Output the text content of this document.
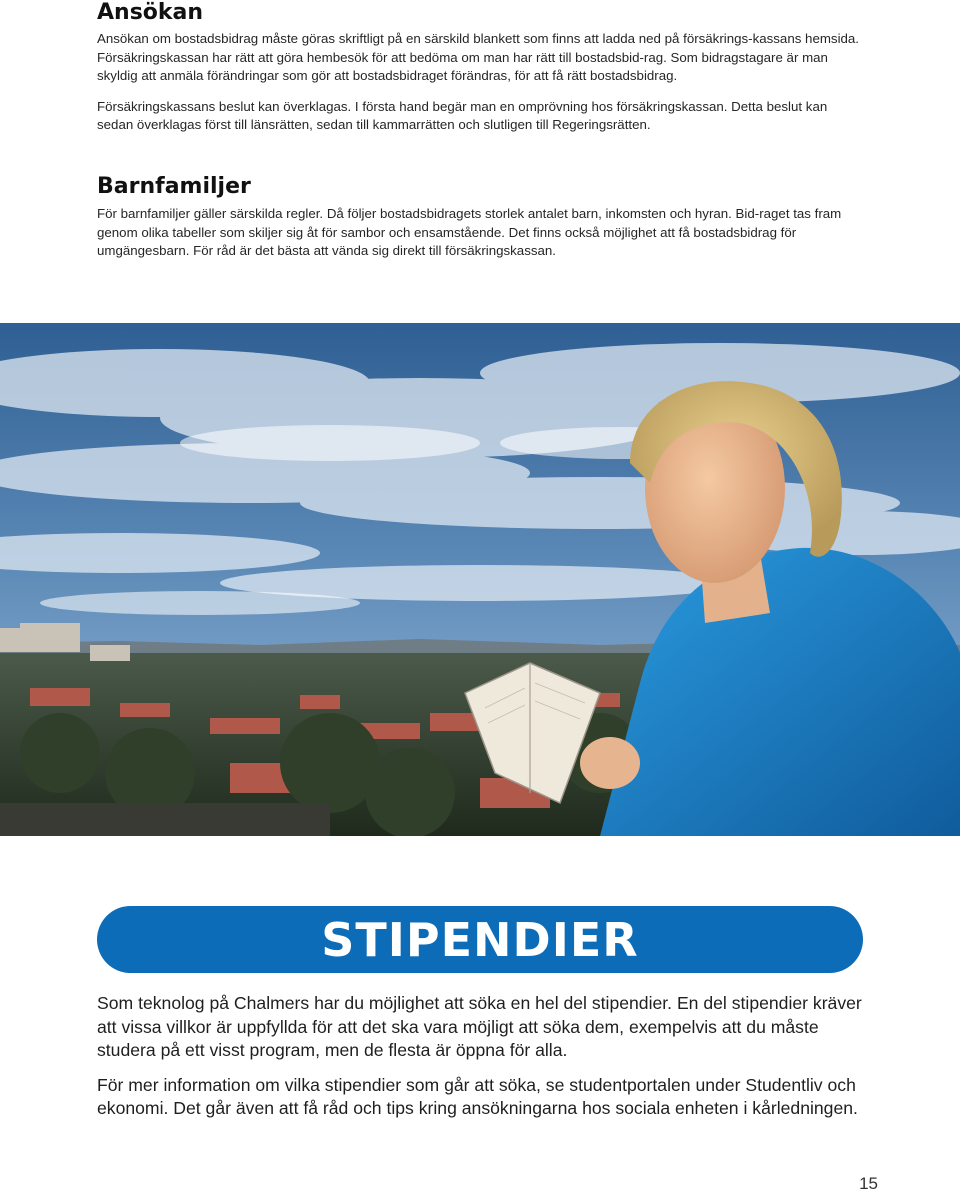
Ansökan

Ansökan om bostadsbidrag måste göras skriftligt på en särskild blankett som finns att ladda ned på försäkrings-kassans hemsida. Försäkringskassan har rätt att göra hembesök för att bedöma om man har rätt till bostadsbid-rag. Som bidragstagare är man skyldig att anmäla förändringar som gör att bostadsbidraget förändras, för att få rätt bostadsbidrag.

Försäkringskassans beslut kan överklagas. I första hand begär man en omprövning hos försäkringskassan. Detta beslut kan sedan överklagas först till länsrätten, sedan till kammarrätten och slutligen till Regeringsrätten.

Barnfamiljer

För barnfamiljer gäller särskilda regler. Då följer bostadsbidragets storlek antalet barn, inkomsten och hyran. Bid-raget tas fram genom olika tabeller som skiljer sig åt för sambor och ensamstående. Det finns också möjlighet att få bostadsbidrag för umgängesbarn. För råd är det bästa att vända sig direkt till försäkringskassan.

STIPENDIER

Som teknolog på Chalmers har du möjlighet att söka en hel del stipendier. En del stipendier kräver att vissa villkor är uppfyllda för att det ska vara möjligt att söka dem, exempelvis att du måste studera på ett visst program, men de flesta är öppna för alla.

För mer information om vilka stipendier som går att söka, se studentportalen under Studentliv och ekonomi. Det går även att få råd och tips kring ansökningarna hos sociala enheten i kårledningen.

15
